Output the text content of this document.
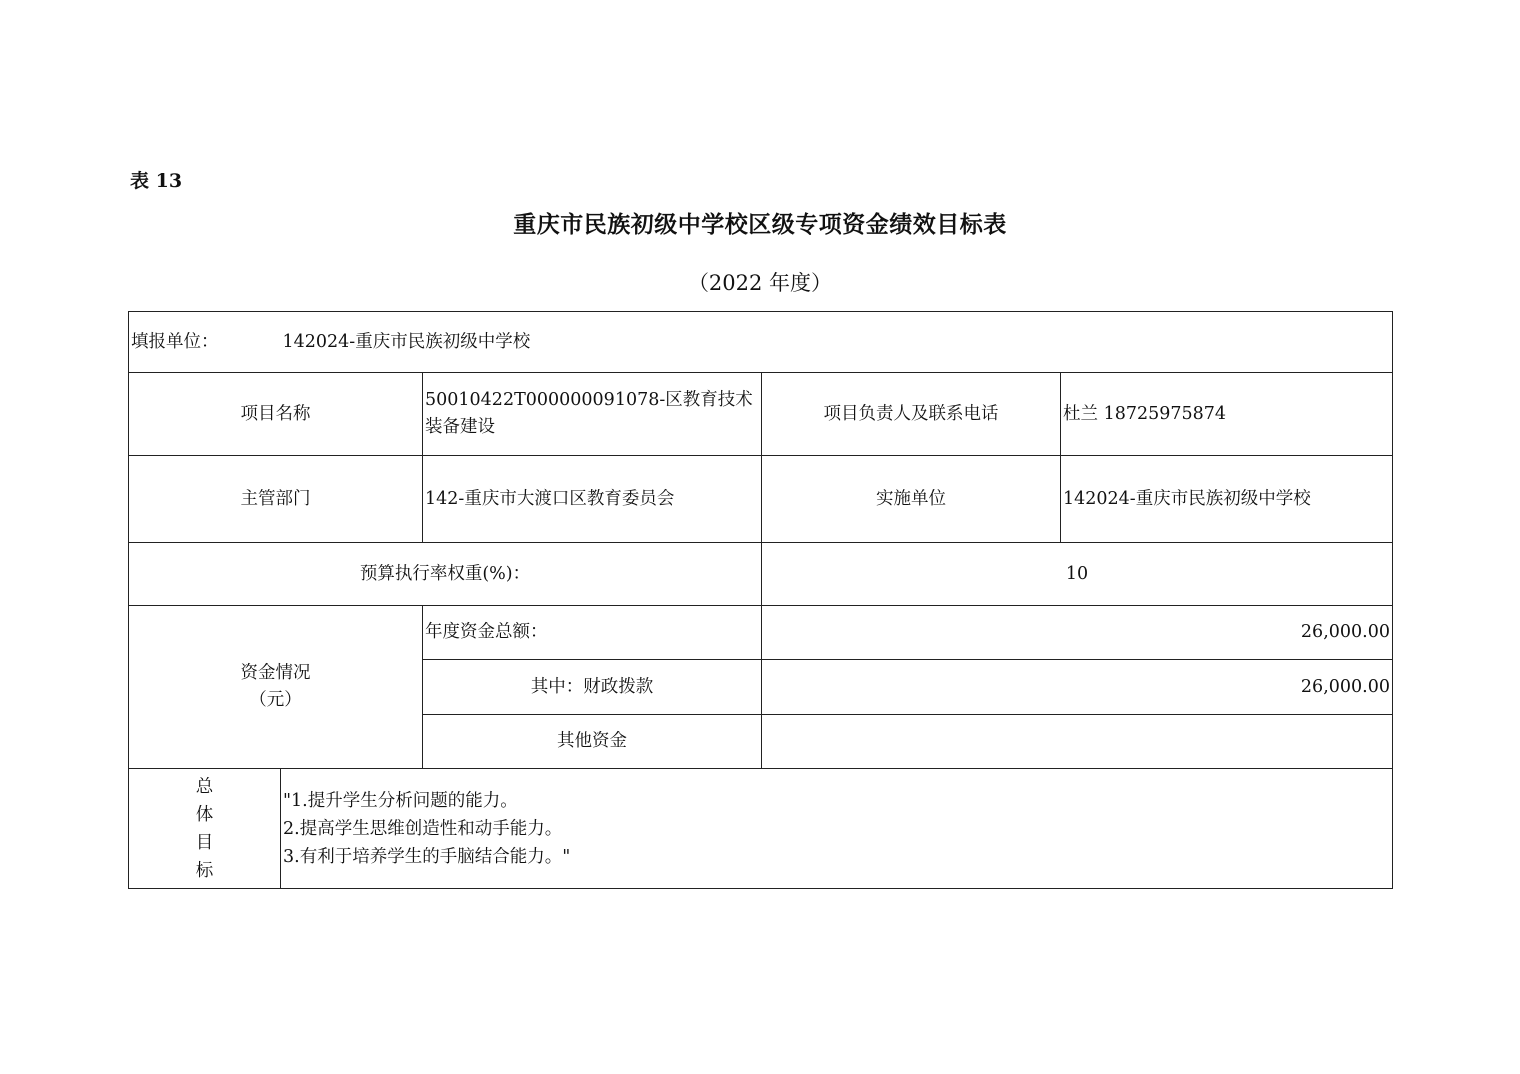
表 13
重庆市民族初级中学校区级专项资金绩效目标表
（2022 年度）
填报单位： 142024-重庆市民族初级中学校				
项目名称		50010422T000000091078-区教育技术装备建设	项目负责人及联系电话	杜兰 18725975874
主管部门		142-重庆市大渡口区教育委员会	实施单位	142024-重庆市民族初级中学校
预算执行率权重(%)：			10	

资金情况
（元）		年度资金总额：	26,000.00	
		其中：财政拨款	26,000.00	
		其他资金		

总
体
目
标	"1.提升学生分析问题的能力。
2.提高学生思维创造性和动手能力。
3.有利于培养学生的手脑结合能力。"			
